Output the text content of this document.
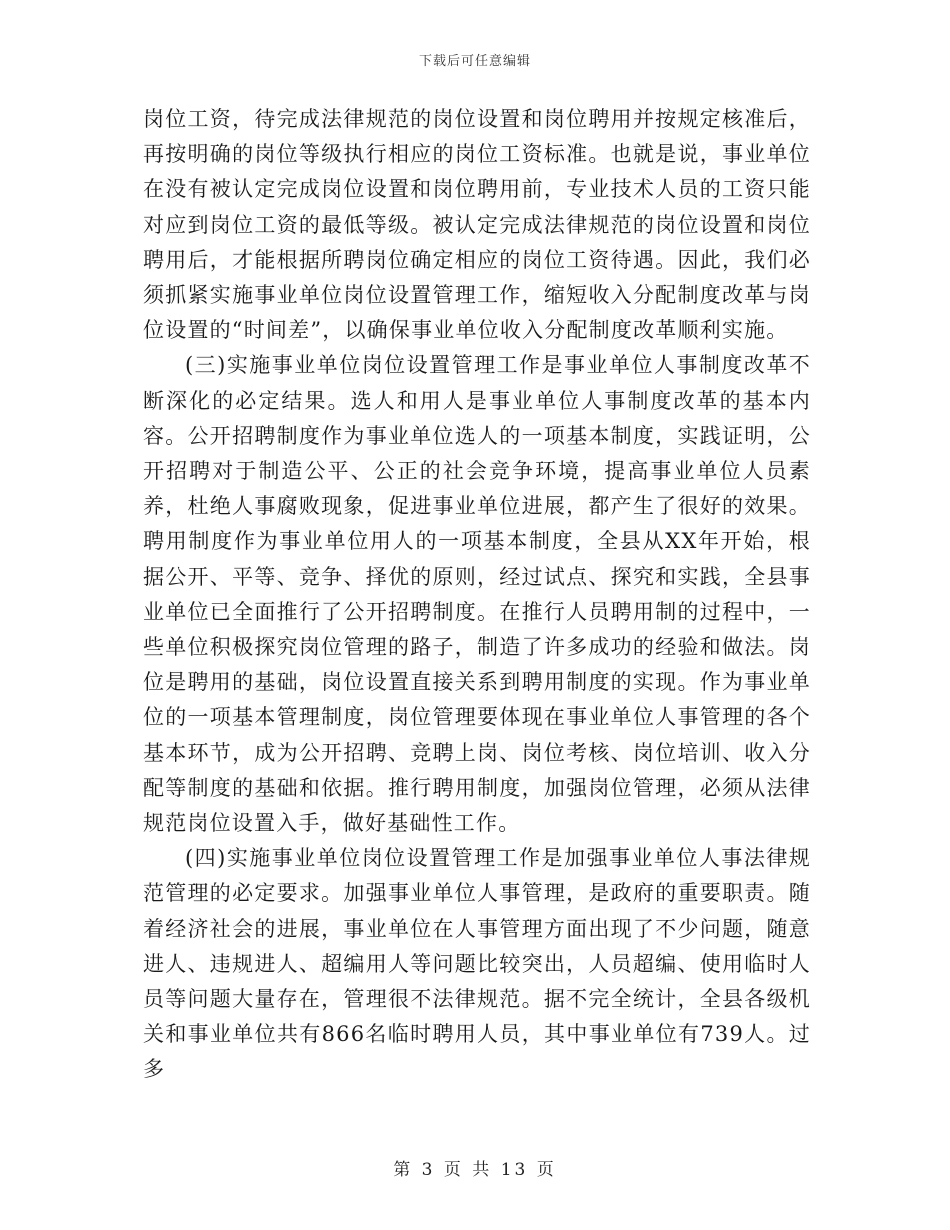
下载后可任意编辑

岗位工资，待完成法律规范的岗位设置和岗位聘用并按规定核准后，再按明确的岗位等级执行相应的岗位工资标准。也就是说，事业单位在没有被认定完成岗位设置和岗位聘用前，专业技术人员的工资只能对应到岗位工资的最低等级。被认定完成法律规范的岗位设置和岗位聘用后，才能根据所聘岗位确定相应的岗位工资待遇。因此，我们必须抓紧实施事业单位岗位设置管理工作，缩短收入分配制度改革与岗位设置的“时间差”，以确保事业单位收入分配制度改革顺利实施。

(三)实施事业单位岗位设置管理工作是事业单位人事制度改革不断深化的必定结果。选人和用人是事业单位人事制度改革的基本内容。公开招聘制度作为事业单位选人的一项基本制度，实践证明，公开招聘对于制造公平、公正的社会竞争环境，提高事业单位人员素养，杜绝人事腐败现象，促进事业单位进展，都产生了很好的效果。聘用制度作为事业单位用人的一项基本制度，全县从XX年开始，根据公开、平等、竞争、择优的原则，经过试点、探究和实践，全县事业单位已全面推行了公开招聘制度。在推行人员聘用制的过程中，一些单位积极探究岗位管理的路子，制造了许多成功的经验和做法。岗位是聘用的基础，岗位设置直接关系到聘用制度的实现。作为事业单位的一项基本管理制度，岗位管理要体现在事业单位人事管理的各个基本环节，成为公开招聘、竞聘上岗、岗位考核、岗位培训、收入分配等制度的基础和依据。推行聘用制度，加强岗位管理，必须从法律规范岗位设置入手，做好基础性工作。

(四)实施事业单位岗位设置管理工作是加强事业单位人事法律规范管理的必定要求。加强事业单位人事管理，是政府的重要职责。随着经济社会的进展，事业单位在人事管理方面出现了不少问题，随意进人、违规进人、超编用人等问题比较突出，人员超编、使用临时人员等问题大量存在，管理很不法律规范。据不完全统计，全县各级机关和事业单位共有866名临时聘用人员，其中事业单位有739人。过多

第 3 页 共 13 页
